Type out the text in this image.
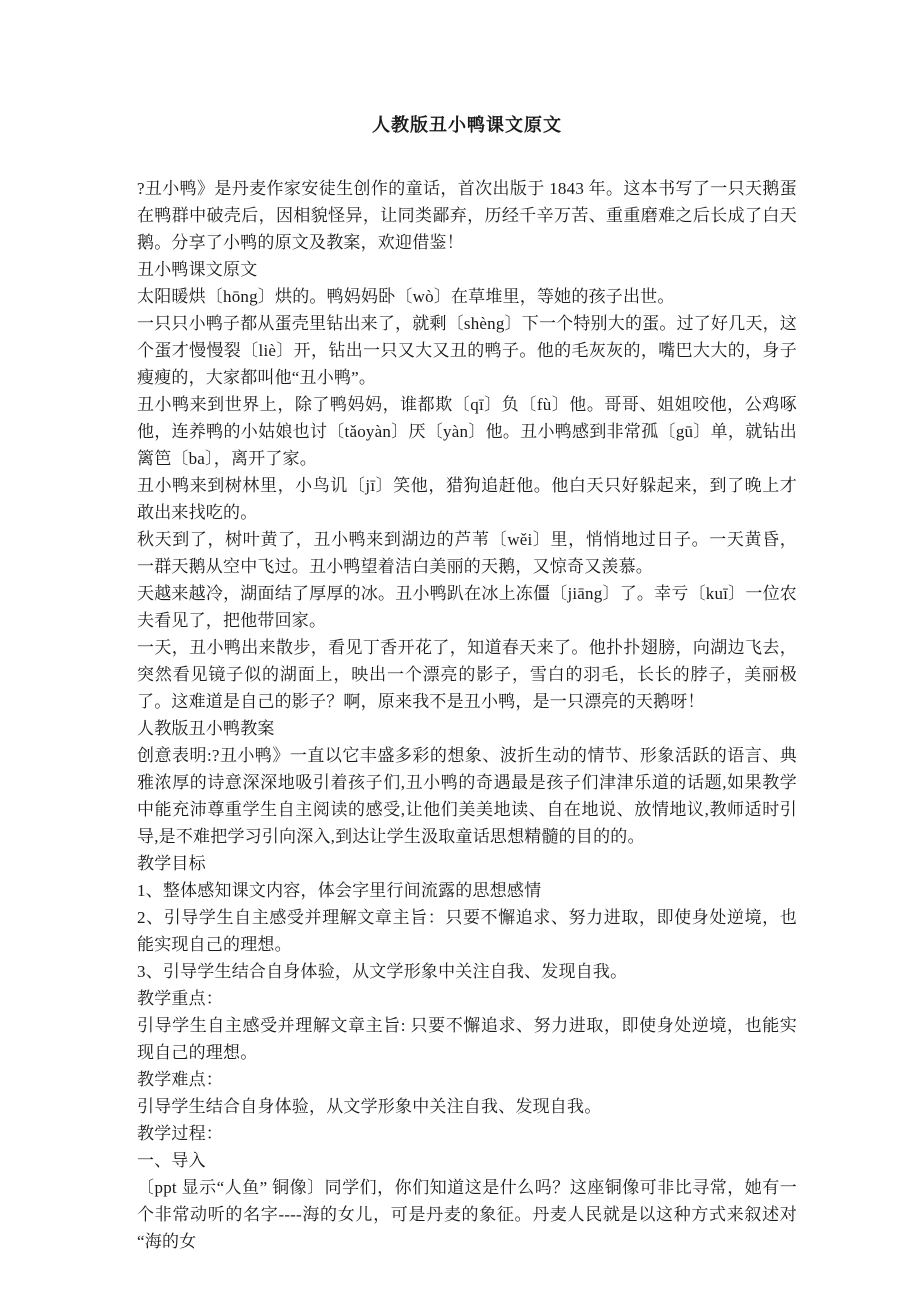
人教版丑小鸭课文原文

?丑小鸭》是丹麦作家安徒生创作的童话，首次出版于 1843 年。这本书写了一只天鹅蛋在鸭群中破壳后，因相貌怪异，让同类鄙弃，历经千辛万苦、重重磨难之后长成了白天鹅。分享了小鸭的原文及教案，欢迎借鉴！

丑小鸭课文原文

太阳暖烘〔hōng〕烘的。鸭妈妈卧〔wò〕在草堆里，等她的孩子出世。

一只只小鸭子都从蛋壳里钻出来了，就剩〔shèng〕下一个特别大的蛋。过了好几天，这个蛋才慢慢裂〔liè〕开，钻出一只又大又丑的鸭子。他的毛灰灰的，嘴巴大大的，身子瘦瘦的，大家都叫他“丑小鸭”。

丑小鸭来到世界上，除了鸭妈妈，谁都欺〔qī〕负〔fù〕他。哥哥、姐姐咬他，公鸡啄他，连养鸭的小姑娘也讨〔tǎoyàn〕厌〔yàn〕他。丑小鸭感到非常孤〔gū〕单，就钻出篱笆〔ba〕，离开了家。

丑小鸭来到树林里，小鸟讥〔jī〕笑他，猎狗追赶他。他白天只好躲起来，到了晚上才敢出来找吃的。

秋天到了，树叶黄了，丑小鸭来到湖边的芦苇〔wěi〕里，悄悄地过日子。一天黄昏，一群天鹅从空中飞过。丑小鸭望着洁白美丽的天鹅，又惊奇又羡慕。

天越来越冷，湖面结了厚厚的冰。丑小鸭趴在冰上冻僵〔jiāng〕了。幸亏〔kuī〕一位农夫看见了，把他带回家。

一天，丑小鸭出来散步，看见丁香开花了，知道春天来了。他扑扑翅膀，向湖边飞去，突然看见镜子似的湖面上，映出一个漂亮的影子，雪白的羽毛，长长的脖子，美丽极了。这难道是自己的影子？啊，原来我不是丑小鸭，是一只漂亮的天鹅呀！

人教版丑小鸭教案

创意表明:?丑小鸭》一直以它丰盛多彩的想象、波折生动的情节、形象活跃的语言、典雅浓厚的诗意深深地吸引着孩子们,丑小鸭的奇遇最是孩子们津津乐道的话题,如果教学中能充沛尊重学生自主阅读的感受,让他们美美地读、自在地说、放情地议,教师适时引导,是不难把学习引向深入,到达让学生汲取童话思想精髓的目的的。

教学目标

1、整体感知课文内容，体会字里行间流露的思想感情

2、引导学生自主感受并理解文章主旨：只要不懈追求、努力进取，即使身处逆境，也能实现自己的理想。

3、引导学生结合自身体验，从文学形象中关注自我、发现自我。

教学重点：

引导学生自主感受并理解文章主旨: 只要不懈追求、努力进取，即使身处逆境，也能实现自己的理想。

教学难点：

引导学生结合自身体验，从文学形象中关注自我、发现自我。

教学过程：

一、导入

〔ppt 显示“人鱼” 铜像〕同学们，你们知道这是什么吗？这座铜像可非比寻常，她有一个非常动听的名字----海的女儿，可是丹麦的象征。丹麦人民就是以这种方式来叙述对“海的女
